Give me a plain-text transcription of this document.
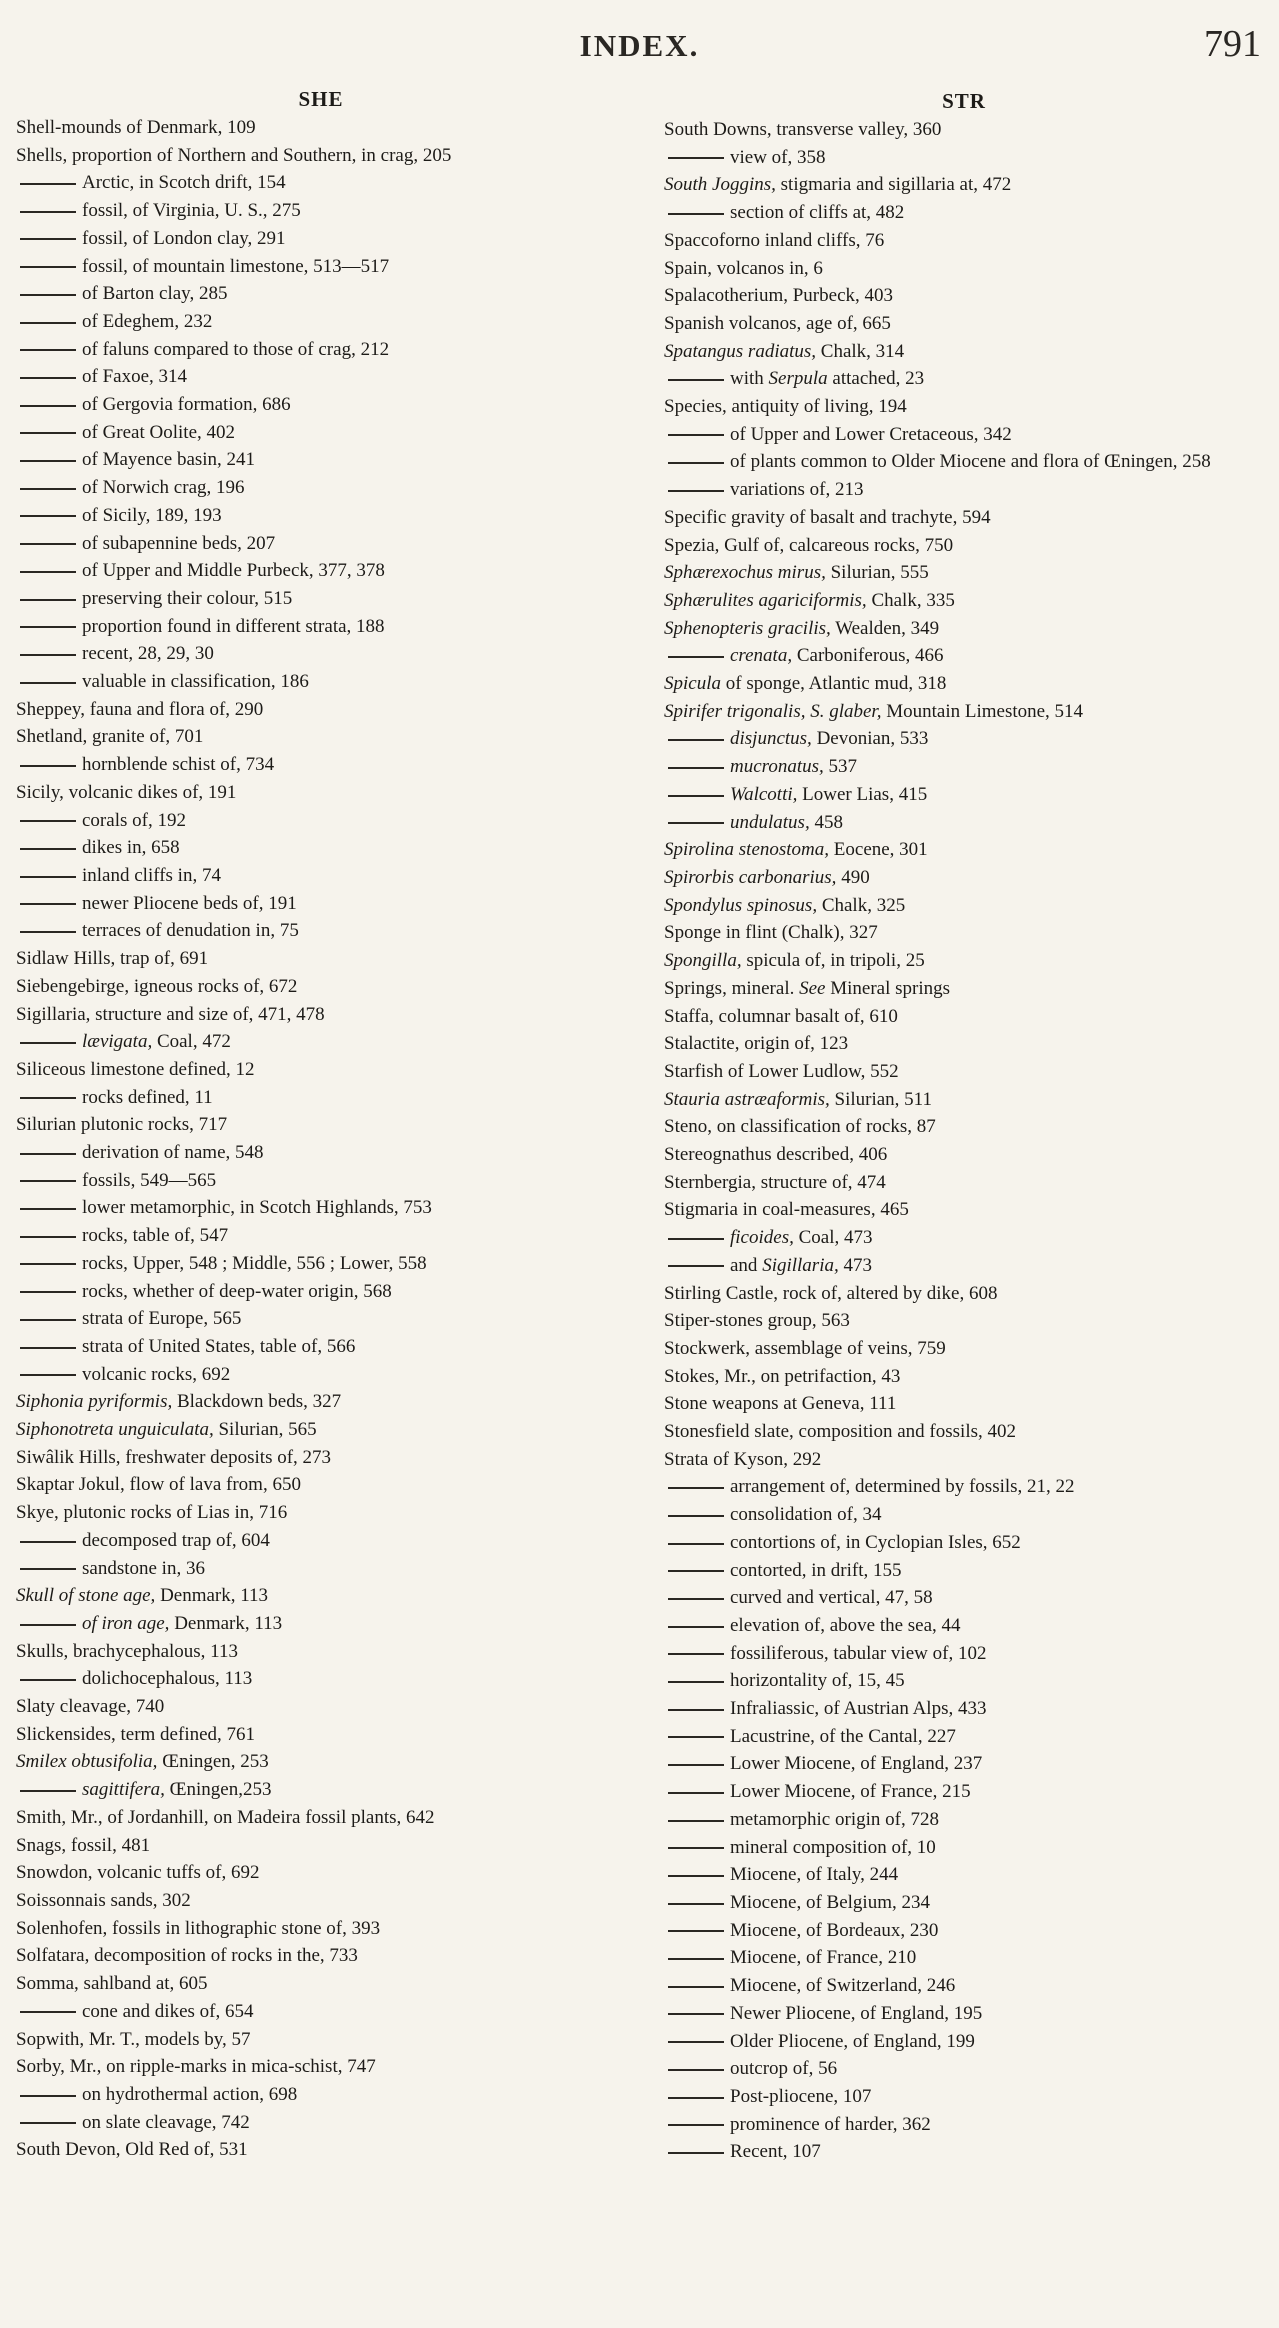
INDEX.	791
SHE
Shell-mounds of Denmark, 109
Shells, proportion of Northern and Southern, in crag, 205
Arctic, in Scotch drift, 154
fossil, of Virginia, U. S., 275
fossil, of London clay, 291
fossil, of mountain limestone, 513—517
of Barton clay, 285
of Edeghem, 232
of faluns compared to those of crag, 212
of Faxoe, 314
of Gergovia formation, 686
of Great Oolite, 402
of Mayence basin, 241
of Norwich crag, 196
of Sicily, 189, 193
of subapennine beds, 207
of Upper and Middle Purbeck, 377, 378
preserving their colour, 515
proportion found in different strata, 188
recent, 28, 29, 30
valuable in classification, 186
Sheppey, fauna and flora of, 290
Shetland, granite of, 701
hornblende schist of, 734
Sicily, volcanic dikes of, 191
corals of, 192
dikes in, 658
inland cliffs in, 74
newer Pliocene beds of, 191
terraces of denudation in, 75
Sidlaw Hills, trap of, 691
Siebengebirge, igneous rocks of, 672
Sigillaria, structure and size of, 471, 478
lævigata, Coal, 472
Siliceous limestone defined, 12
rocks defined, 11
Silurian plutonic rocks, 717
derivation of name, 548
fossils, 549—565
lower metamorphic, in Scotch Highlands, 753
rocks, table of, 547
rocks, Upper, 548 ; Middle, 556 ; Lower, 558
rocks, whether of deep-water origin, 568
strata of Europe, 565
strata of United States, table of, 566
volcanic rocks, 692
Siphonia pyriformis, Blackdown beds, 327
Siphonotreta unguiculata, Silurian, 565
Siwâlik Hills, freshwater deposits of, 273
Skaptar Jokul, flow of lava from, 650
Skye, plutonic rocks of Lias in, 716
decomposed trap of, 604
sandstone in, 36
Skull of stone age, Denmark, 113
of iron age, Denmark, 113
Skulls, brachycephalous, 113
dolichocephalous, 113
Slaty cleavage, 740
Slickensides, term defined, 761
Smilex obtusifolia, Œningen, 253
sagittifera, Œningen,253
Smith, Mr., of Jordanhill, on Madeira fossil plants, 642
Snags, fossil, 481
Snowdon, volcanic tuffs of, 692
Soissonnais sands, 302
Solenhofen, fossils in lithographic stone of, 393
Solfatara, decomposition of rocks in the, 733
Somma, sahlband at, 605
cone and dikes of, 654
Sopwith, Mr. T., models by, 57
Sorby, Mr., on ripple-marks in mica-schist, 747
on hydrothermal action, 698
on slate cleavage, 742
South Devon, Old Red of, 531
STR
South Downs, transverse valley, 360
view of, 358
South Joggins, stigmaria and sigillaria at, 472
section of cliffs at, 482
Spaccoforno inland cliffs, 76
Spain, volcanos in, 6
Spalacotherium, Purbeck, 403
Spanish volcanos, age of, 665
Spatangus radiatus, Chalk, 314
with Serpula attached, 23
Species, antiquity of living, 194
of Upper and Lower Cretaceous, 342
of plants common to Older Miocene and flora of Œningen, 258
variations of, 213
Specific gravity of basalt and trachyte, 594
Spezia, Gulf of, calcareous rocks, 750
Sphærexochus mirus, Silurian, 555
Sphærulites agariciformis, Chalk, 335
Sphenopteris gracilis, Wealden, 349
crenata, Carboniferous, 466
Spicula of sponge, Atlantic mud, 318
Spirifer trigonalis, S. glaber, Mountain Limestone, 514
disjunctus, Devonian, 533
mucronatus, 537
Walcotti, Lower Lias, 415
undulatus, 458
Spirolina stenostoma, Eocene, 301
Spirorbis carbonarius, 490
Spondylus spinosus, Chalk, 325
Sponge in flint (Chalk), 327
Spongilla, spicula of, in tripoli, 25
Springs, mineral. See Mineral springs
Staffa, columnar basalt of, 610
Stalactite, origin of, 123
Starfish of Lower Ludlow, 552
Stauria astræaformis, Silurian, 511
Steno, on classification of rocks, 87
Stereognathus described, 406
Sternbergia, structure of, 474
Stigmaria in coal-measures, 465
ficoides, Coal, 473
and Sigillaria, 473
Stirling Castle, rock of, altered by dike, 608
Stiper-stones group, 563
Stockwerk, assemblage of veins, 759
Stokes, Mr., on petrifaction, 43
Stone weapons at Geneva, 111
Stonesfield slate, composition and fossils, 402
Strata of Kyson, 292
arrangement of, determined by fossils, 21, 22
consolidation of, 34
contortions of, in Cyclopian Isles, 652
contorted, in drift, 155
curved and vertical, 47, 58
elevation of, above the sea, 44
fossiliferous, tabular view of, 102
horizontality of, 15, 45
Infraliassic, of Austrian Alps, 433
Lacustrine, of the Cantal, 227
Lower Miocene, of England, 237
Lower Miocene, of France, 215
metamorphic origin of, 728
mineral composition of, 10
Miocene, of Italy, 244
Miocene, of Belgium, 234
Miocene, of Bordeaux, 230
Miocene, of France, 210
Miocene, of Switzerland, 246
Newer Pliocene, of England, 195
Older Pliocene, of England, 199
outcrop of, 56
Post-pliocene, 107
prominence of harder, 362
Recent, 107
